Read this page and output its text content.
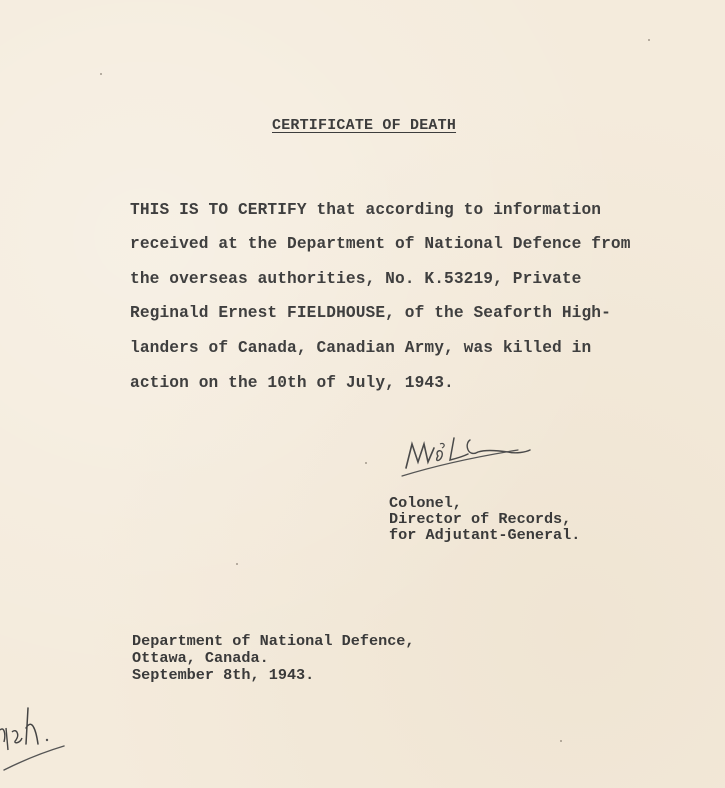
CERTIFICATE OF DEATH
THIS IS TO CERTIFY that according to information
received at the Department of National Defence from
the overseas authorities, No. K.53219, Private
Reginald Ernest FIELDHOUSE, of the Seaforth High-
landers of Canada, Canadian Army, was killed in
action on the 10th of July, 1943.
Colonel,
Director of Records,
for Adjutant-General.
Department of National Defence,
Ottawa, Canada.
September 8th, 1943.
